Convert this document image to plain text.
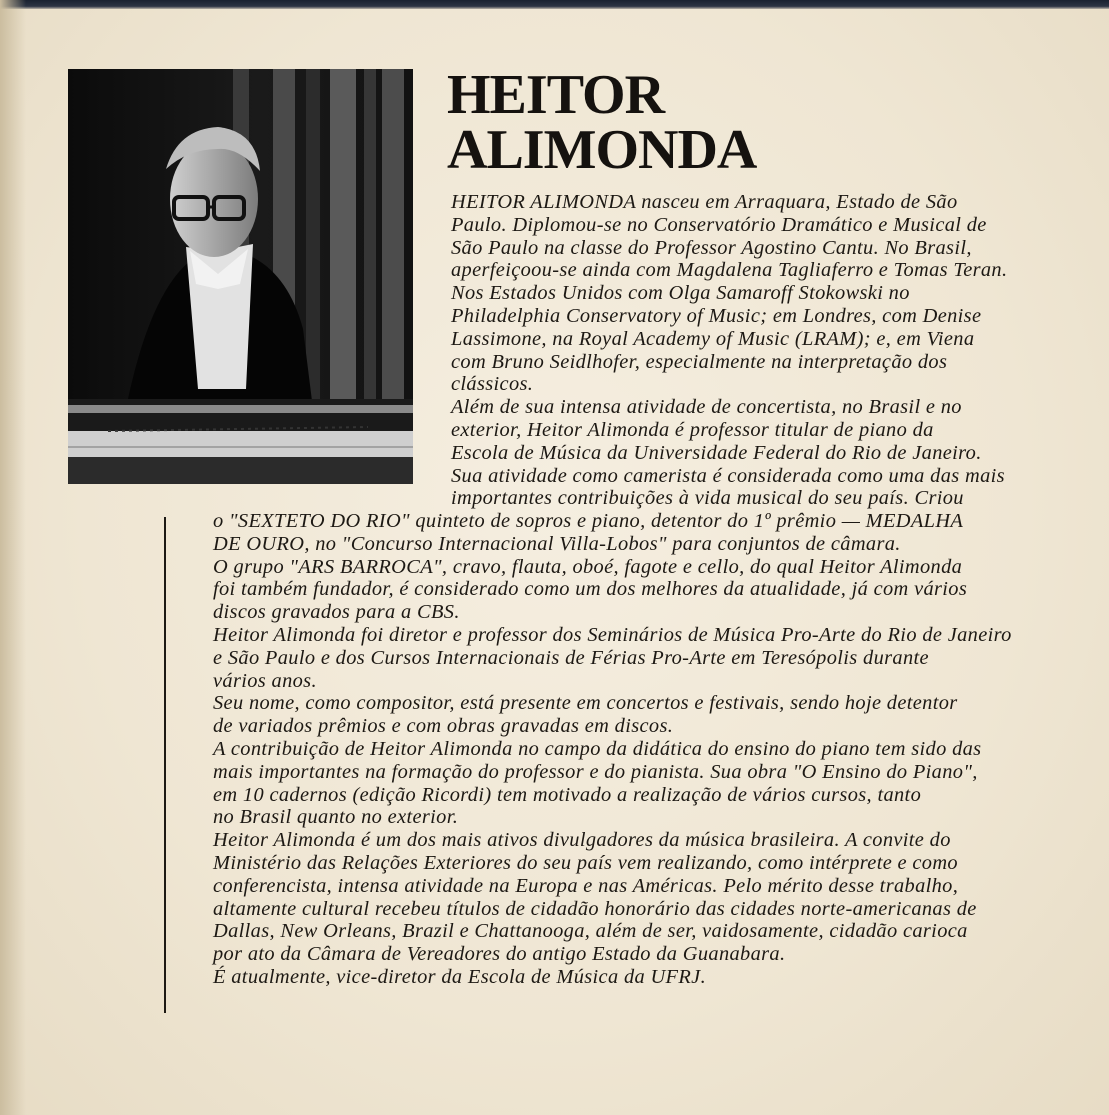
HEITOR
ALIMONDA
HEITOR ALIMONDA nasceu em Arraquara, Estado de São
Paulo. Diplomou-se no Conservatório Dramático e Musical de
São Paulo na classe do Professor Agostino Cantu. No Brasil,
aperfeiçoou-se ainda com Magdalena Tagliaferro e Tomas Teran.
Nos Estados Unidos com Olga Samaroff Stokowski no
Philadelphia Conservatory of Music; em Londres, com Denise
Lassimone, na Royal Academy of Music (LRAM); e, em Viena
com Bruno Seidlhofer, especialmente na interpretação dos
clássicos.
Além de sua intensa atividade de concertista, no Brasil e no
exterior, Heitor Alimonda é professor titular de piano da
Escola de Música da Universidade Federal do Rio de Janeiro.
Sua atividade como camerista é considerada como uma das mais
importantes contribuições à vida musical do seu país. Criou
o "SEXTETO DO RIO" quinteto de sopros e piano, detentor do 1º prêmio — MEDALHA
DE OURO, no "Concurso Internacional Villa-Lobos" para conjuntos de câmara.
O grupo "ARS BARROCA", cravo, flauta, oboé, fagote e cello, do qual Heitor Alimonda
foi também fundador, é considerado como um dos melhores da atualidade, já com vários
discos gravados para a CBS.
Heitor Alimonda foi diretor e professor dos Seminários de Música Pro-Arte do Rio de Janeiro
e São Paulo e dos Cursos Internacionais de Férias Pro-Arte em Teresópolis durante
vários anos.
Seu nome, como compositor, está presente em concertos e festivais, sendo hoje detentor
de variados prêmios e com obras gravadas em discos.
A contribuição de Heitor Alimonda no campo da didática do ensino do piano tem sido das
mais importantes na formação do professor e do pianista. Sua obra "O Ensino do Piano",
em 10 cadernos (edição Ricordi) tem motivado a realização de vários cursos, tanto
no Brasil quanto no exterior.
Heitor Alimonda é um dos mais ativos divulgadores da música brasileira. A convite do
Ministério das Relações Exteriores do seu país vem realizando, como intérprete e como
conferencista, intensa atividade na Europa e nas Américas. Pelo mérito desse trabalho,
altamente cultural recebeu títulos de cidadão honorário das cidades norte-americanas de
Dallas, New Orleans, Brazil e Chattanooga, além de ser, vaidosamente, cidadão carioca
por ato da Câmara de Vereadores do antigo Estado da Guanabara.
É atualmente, vice-diretor da Escola de Música da UFRJ.
